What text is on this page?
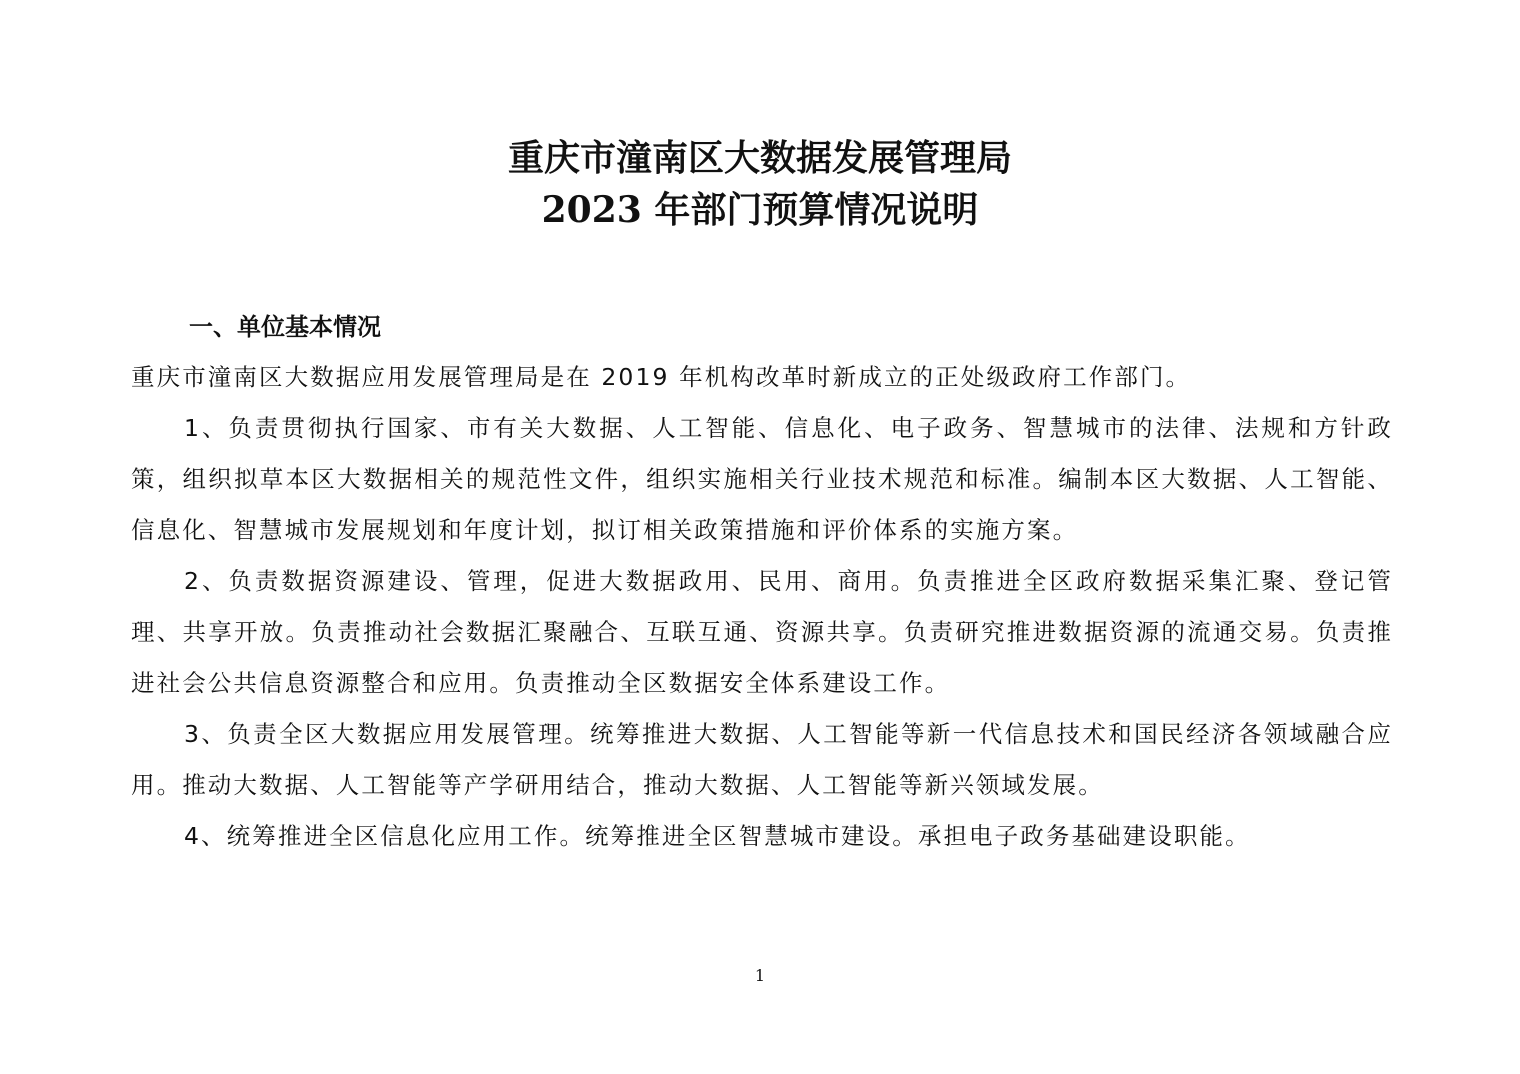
重庆市潼南区大数据发展管理局
2023 年部门预算情况说明

一、单位基本情况

重庆市潼南区大数据应用发展管理局是在 2019 年机构改革时新成立的正处级政府工作部门。

1、负责贯彻执行国家、市有关大数据、人工智能、信息化、电子政务、智慧城市的法律、法规和方针政策，组织拟草本区大数据相关的规范性文件，组织实施相关行业技术规范和标准。编制本区大数据、人工智能、信息化、智慧城市发展规划和年度计划，拟订相关政策措施和评价体系的实施方案。

2、负责数据资源建设、管理，促进大数据政用、民用、商用。负责推进全区政府数据采集汇聚、登记管理、共享开放。负责推动社会数据汇聚融合、互联互通、资源共享。负责研究推进数据资源的流通交易。负责推进社会公共信息资源整合和应用。负责推动全区数据安全体系建设工作。

3、负责全区大数据应用发展管理。统筹推进大数据、人工智能等新一代信息技术和国民经济各领域融合应用。推动大数据、人工智能等产学研用结合，推动大数据、人工智能等新兴领域发展。

4、统筹推进全区信息化应用工作。统筹推进全区智慧城市建设。承担电子政务基础建设职能。

1
